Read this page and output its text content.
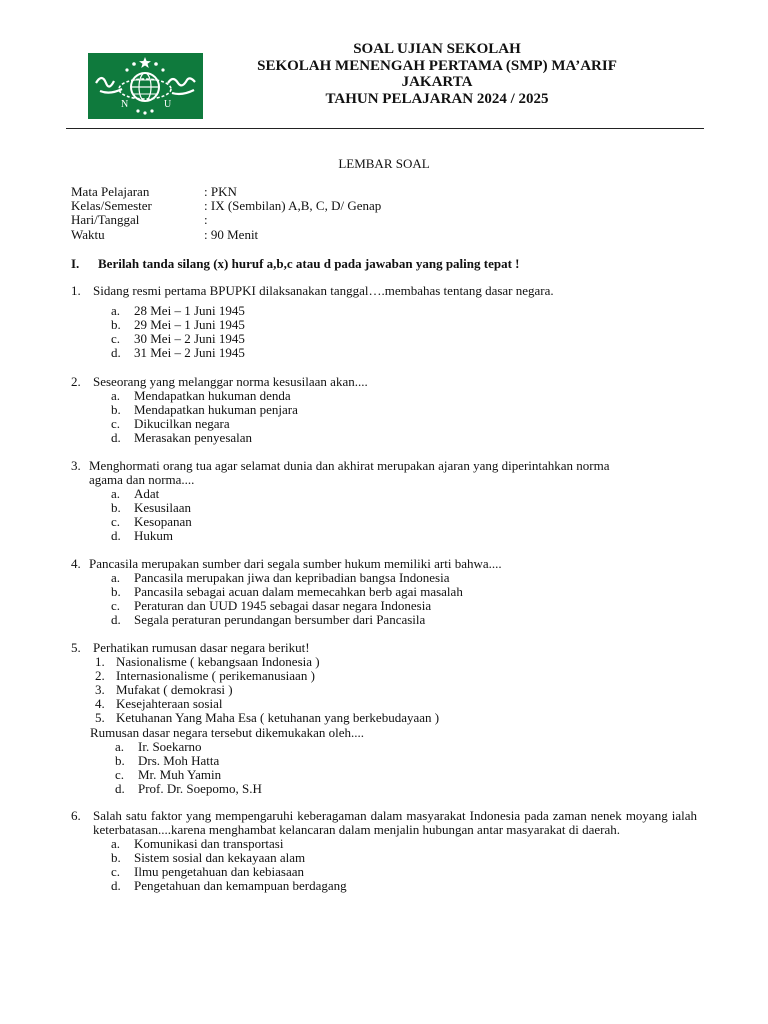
N	U
SOAL UJIAN SEKOLAH
SEKOLAH MENENGAH PERTAMA (SMP) MA’ARIF
JAKARTA
TAHUN PELAJARAN 2024 / 2025
LEMBAR SOAL
Mata Pelajaran	: PKN
Kelas/Semester	: IX (Sembilan) A,B, C, D/ Genap
Hari/Tanggal	:
Waktu	: 90 Menit
I. Berilah tanda silang (x) huruf a,b,c atau d pada jawaban yang paling tepat !
1. Sidang resmi pertama BPUPKI dilaksanakan tanggal….membahas tentang dasar negara.
a. 28 Mei – 1 Juni 1945
b. 29 Mei – 1 Juni 1945
c. 30 Mei – 2 Juni 1945
d. 31 Mei – 2 Juni 1945
2. Seseorang yang melanggar norma kesusilaan akan....
a. Mendapatkan hukuman denda
b. Mendapatkan hukuman penjara
c. Dikucilkan negara
d. Merasakan penyesalan
3. Menghormati orang tua agar selamat dunia dan akhirat merupakan ajaran yang diperintahkan norma
agama dan norma....
a. Adat
b. Kesusilaan
c. Kesopanan
d. Hukum
4. Pancasila merupakan sumber dari segala sumber hukum memiliki arti bahwa....
a. Pancasila merupakan jiwa dan kepribadian bangsa Indonesia
b. Pancasila sebagai acuan dalam memecahkan berb agai masalah
c. Peraturan dan UUD 1945 sebagai dasar negara Indonesia
d. Segala peraturan perundangan bersumber dari Pancasila
5. Perhatikan rumusan dasar negara berikut!
1. Nasionalisme ( kebangsaan Indonesia )
2. Internasionalisme ( perikemanusiaan )
3. Mufakat ( demokrasi )
4. Kesejahteraan sosial
5. Ketuhanan Yang Maha Esa ( ketuhanan yang berkebudayaan )
Rumusan dasar negara tersebut dikemukakan oleh....
a. Ir. Soekarno
b. Drs. Moh Hatta
c. Mr. Muh Yamin
d. Prof. Dr. Soepomo, S.H
6. Salah satu faktor yang mempengaruhi keberagaman dalam masyarakat Indonesia pada zaman nenek moyang ialah keterbatasan....karena menghambat kelancaran dalam menjalin hubungan antar masyarakat di daerah.
a. Komunikasi dan transportasi
b. Sistem sosial dan kekayaan alam
c. Ilmu pengetahuan dan kebiasaan
d. Pengetahuan dan kemampuan berdagang
